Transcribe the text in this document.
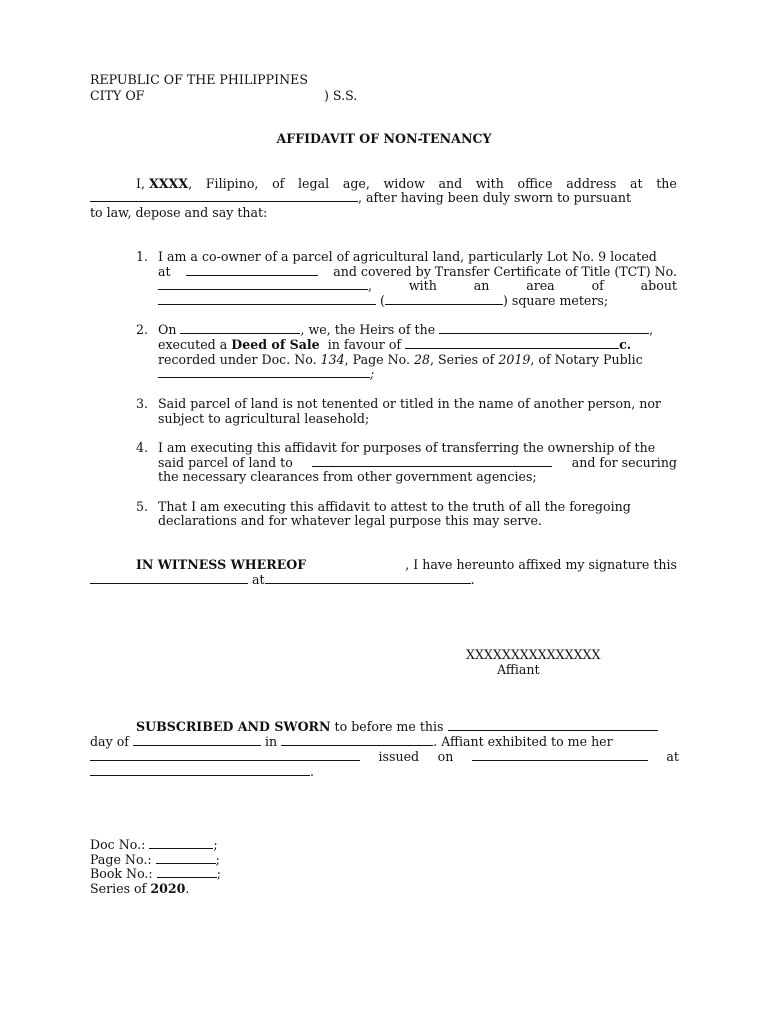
REPUBLIC OF THE PHILIPPINES
CITY OF	) S.S.
AFFIDAVIT OF NON-TENANCY
I, XXXX, Filipino, of legal age, widow and with office address at the
, after having been duly sworn to pursuant
to law, depose and say that:
1. I am a co-owner of a parcel of agricultural land, particularly Lot No. 9 located
at	and covered by Transfer Certificate of Title (TCT) No.
,	with	an	area	of	about
(	) square meters;
2. On	, we, the Heirs of the	,
executed a Deed of Sale in favour of	c.
recorded under Doc. No. 134, Page No. 28, Series of 2019, of Notary Public
;
3. Said parcel of land is not tenented or titled in the name of another person, nor
subject to agricultural leasehold;
4. I am executing this affidavit for purposes of transferring the ownership of the
said parcel of land to	and for securing
the necessary clearances from other government agencies;
5. That I am executing this affidavit to attest to the truth of all the foregoing
declarations and for whatever legal purpose this may serve.
IN WITNESS WHEREOF	, I have hereunto affixed my signature this
at	.
XXXXXXXXXXXXXXX
Affiant
SUBSCRIBED AND SWORN to before me this
day of	in	. Affiant exhibited to me her
issued on	at
.
Doc No.:	;
Page No.:	;
Book No.:	;
Series of 2020.
